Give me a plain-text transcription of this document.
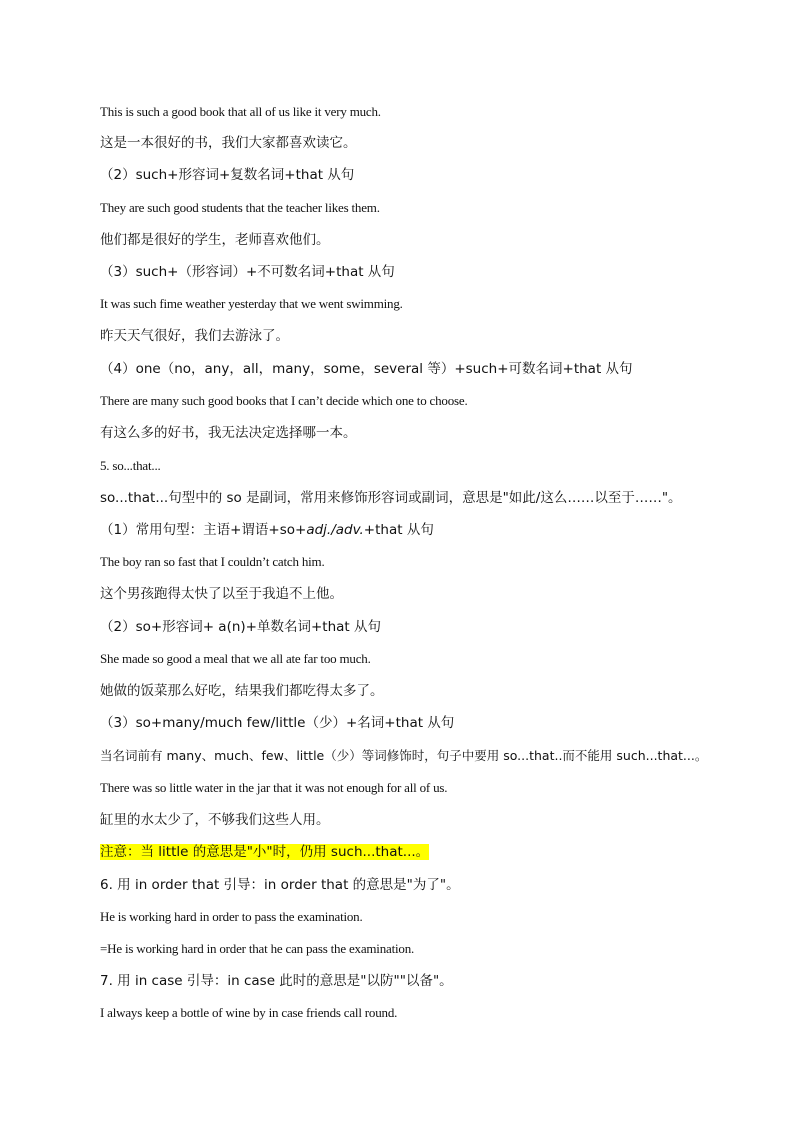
This is such a good book that all of us like it very much.
这是一本很好的书，我们大家都喜欢读它。
（2）such+形容词+复数名词+that 从句
They are such good students that the teacher likes them.
他们都是很好的学生，老师喜欢他们。
（3）such+（形容词）+不可数名词+that 从句
It was such fime weather yesterday that we went swimming.
昨天天气很好，我们去游泳了。
（4）one（no，any，all，many，some，several 等）+such+可数名词+that 从句
There are many such good books that I can’t decide which one to choose.
有这么多的好书，我无法决定选择哪一本。
5. so...that...
so...that...句型中的 so 是副词，常用来修饰形容词或副词，意思是"如此/这么……以至于……"。
（1）常用句型：主语+谓语+so+adj./adv.+that 从句
The boy ran so fast that I couldn’t catch him.
这个男孩跑得太快了以至于我追不上他。
（2）so+形容词+ a(n)+单数名词+that 从句
She made so good a meal that we all ate far too much.
她做的饭菜那么好吃，结果我们都吃得太多了。
（3）so+many/much few/little（少）+名词+that 从句
当名词前有 many、much、few、little（少）等词修饰时，句子中要用 so...that..而不能用 such...that...。
There was so little water in the jar that it was not enough for all of us.
缸里的水太少了，不够我们这些人用。
注意：当 little 的意思是"小"时，仍用 such...that...。
6. 用 in order that 引导：in order that 的意思是"为了"。
He is working hard in order to pass the examination.
=He is working hard in order that he can pass the examination.
7. 用 in case 引导：in case 此时的意思是"以防""以备"。
I always keep a bottle of wine by in case friends call round.
